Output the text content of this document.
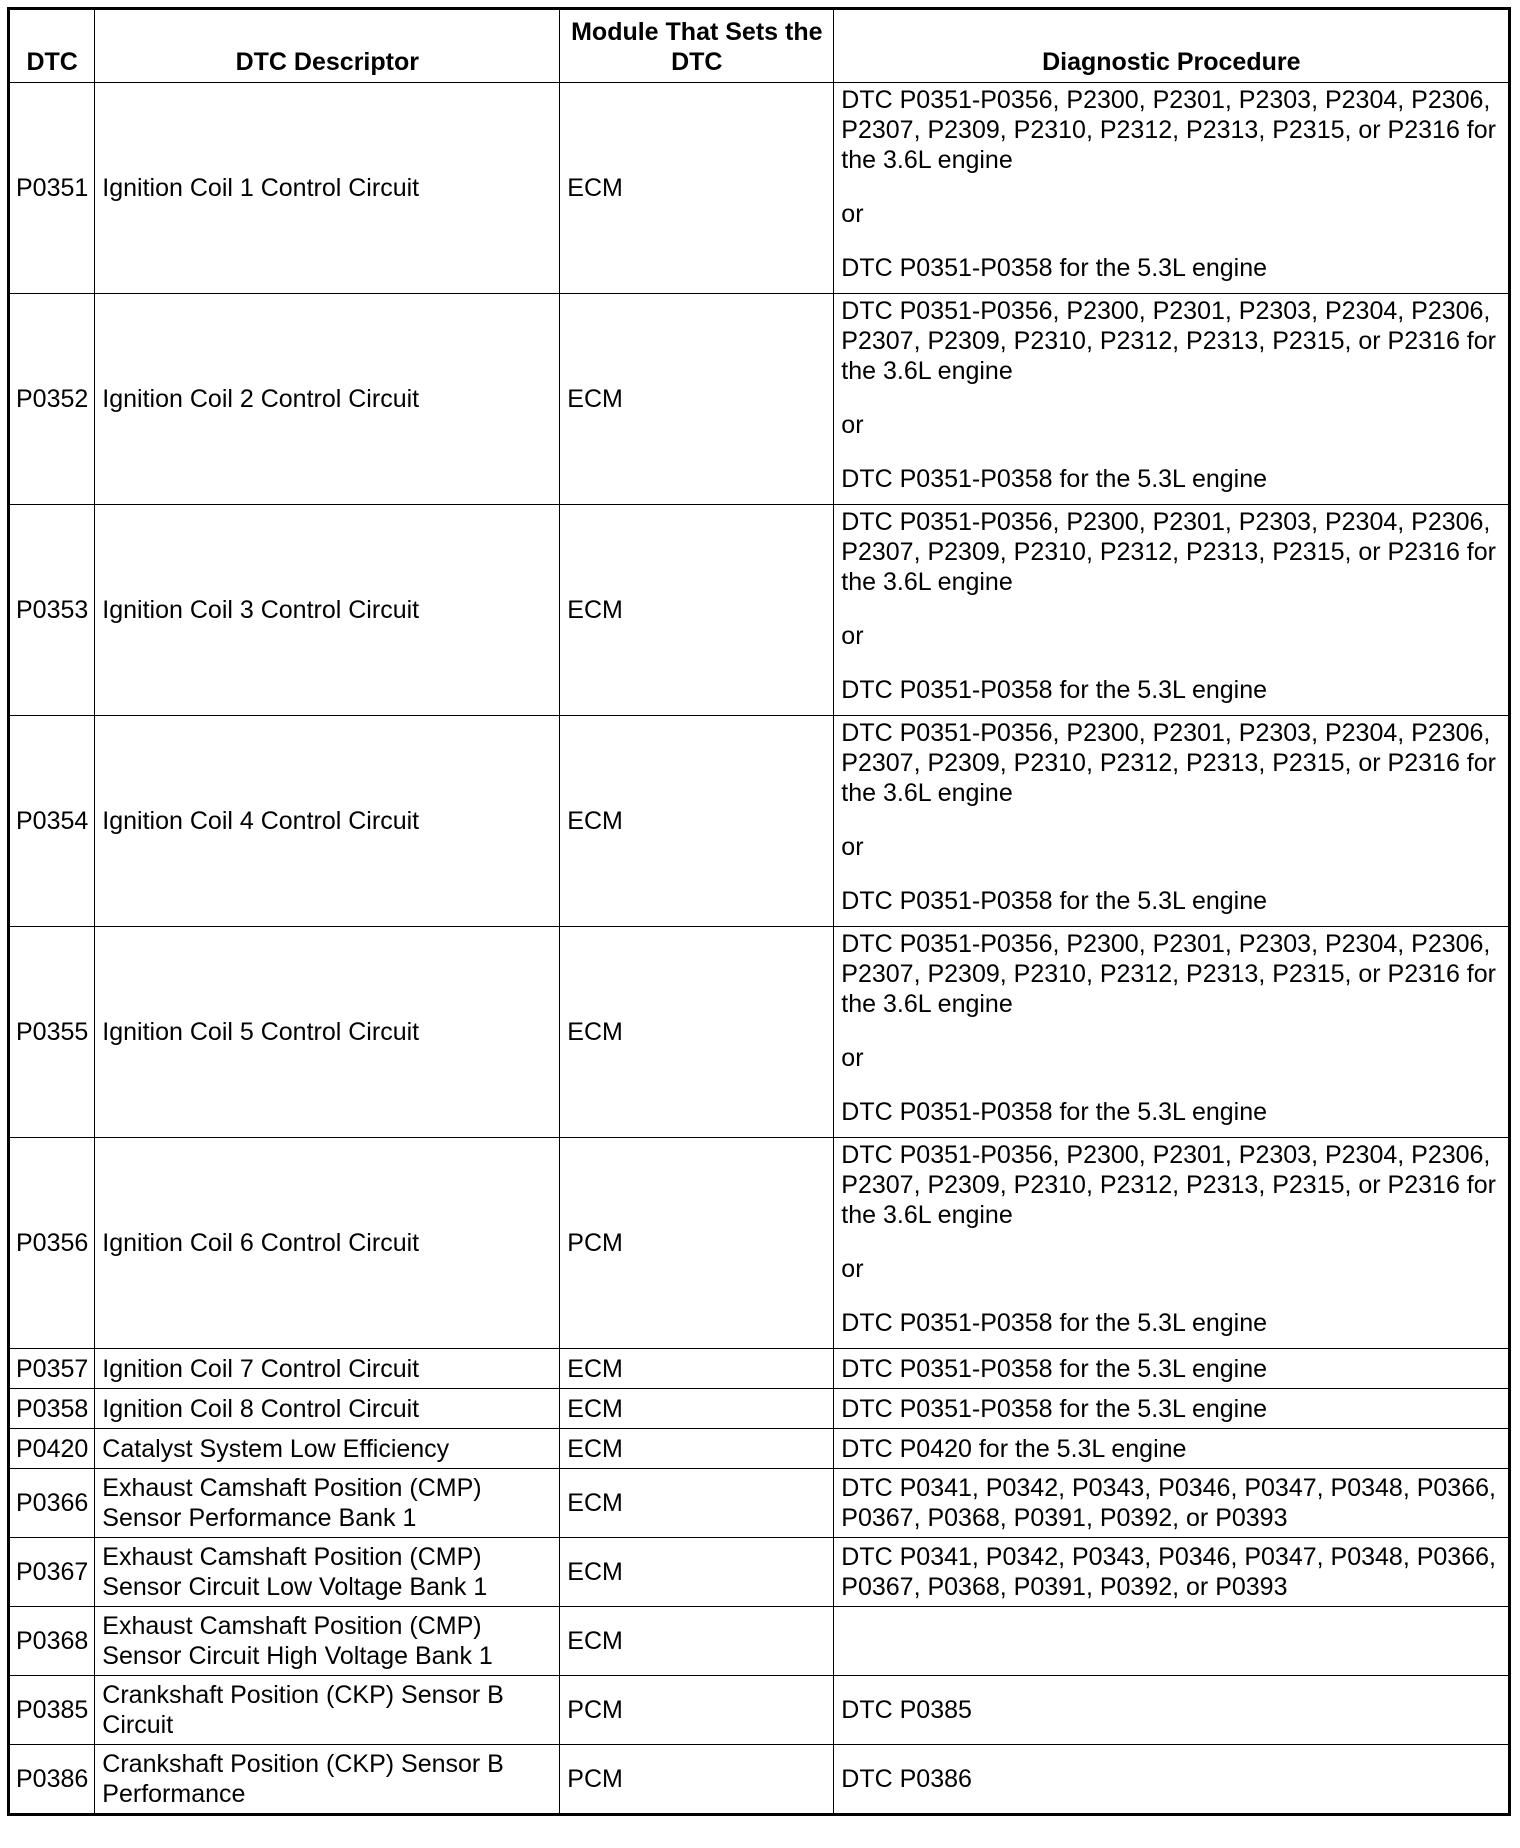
DTC	DTC Descriptor	Module That Sets the DTC	Diagnostic Procedure
P0351	Ignition Coil 1 Control Circuit	ECM	DTC P0351-P0356, P2300, P2301, P2303, P2304, P2306, P2307, P2309, P2310, P2312, P2313, P2315, or P2316 for the 3.6L engine
or
DTC P0351-P0358 for the 5.3L engine

P0352	Ignition Coil 2 Control Circuit	ECM	DTC P0351-P0356, P2300, P2301, P2303, P2304, P2306, P2307, P2309, P2310, P2312, P2313, P2315, or P2316 for the 3.6L engine
or
DTC P0351-P0358 for the 5.3L engine

P0353	Ignition Coil 3 Control Circuit	ECM	DTC P0351-P0356, P2300, P2301, P2303, P2304, P2306, P2307, P2309, P2310, P2312, P2313, P2315, or P2316 for the 3.6L engine
or
DTC P0351-P0358 for the 5.3L engine

P0354	Ignition Coil 4 Control Circuit	ECM	DTC P0351-P0356, P2300, P2301, P2303, P2304, P2306, P2307, P2309, P2310, P2312, P2313, P2315, or P2316 for the 3.6L engine
or
DTC P0351-P0358 for the 5.3L engine

P0355	Ignition Coil 5 Control Circuit	ECM	DTC P0351-P0356, P2300, P2301, P2303, P2304, P2306, P2307, P2309, P2310, P2312, P2313, P2315, or P2316 for the 3.6L engine
or
DTC P0351-P0358 for the 5.3L engine

P0356	Ignition Coil 6 Control Circuit	PCM	DTC P0351-P0356, P2300, P2301, P2303, P2304, P2306, P2307, P2309, P2310, P2312, P2313, P2315, or P2316 for the 3.6L engine
or
DTC P0351-P0358 for the 5.3L engine

P0357	Ignition Coil 7 Control Circuit	ECM	DTC P0351-P0358 for the 5.3L engine
P0358	Ignition Coil 8 Control Circuit	ECM	DTC P0351-P0358 for the 5.3L engine
P0420	Catalyst System Low Efficiency	ECM	DTC P0420 for the 5.3L engine
P0366	Exhaust Camshaft Position (CMP) Sensor Performance Bank 1	ECM	DTC P0341, P0342, P0343, P0346, P0347, P0348, P0366, P0367, P0368, P0391, P0392, or P0393
P0367	Exhaust Camshaft Position (CMP) Sensor Circuit Low Voltage Bank 1	ECM	DTC P0341, P0342, P0343, P0346, P0347, P0348, P0366, P0367, P0368, P0391, P0392, or P0393
P0368	Exhaust Camshaft Position (CMP) Sensor Circuit High Voltage Bank 1	ECM	
P0385	Crankshaft Position (CKP) Sensor B Circuit	PCM	DTC P0385
P0386	Crankshaft Position (CKP) Sensor B Performance	PCM	DTC P0386
